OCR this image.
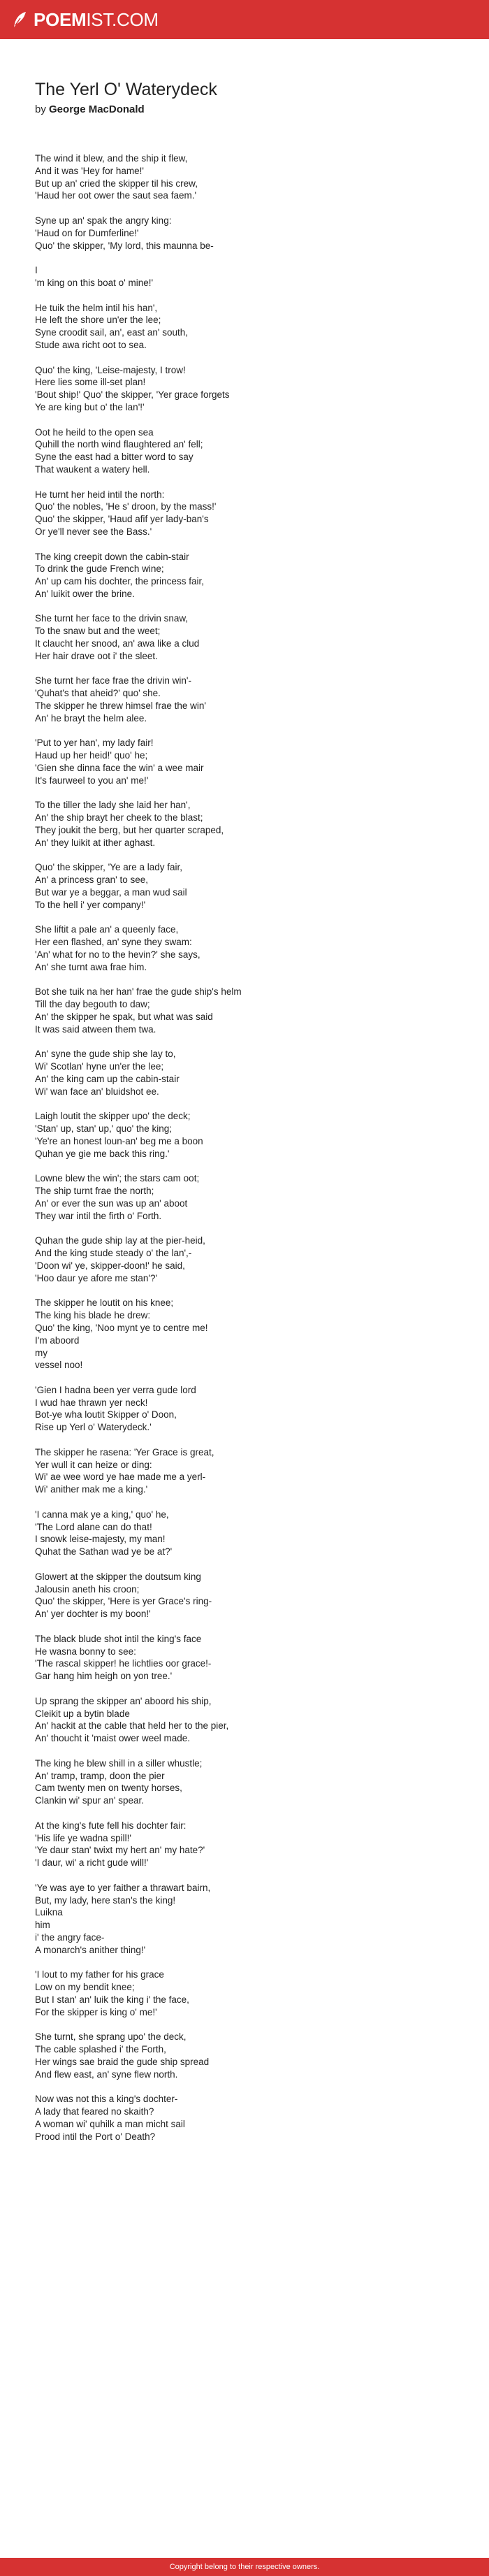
POEMIST.COM
The Yerl O' Waterydeck
by George MacDonald
The wind it blew, and the ship it flew,
And it was 'Hey for hame!'
But up an' cried the skipper til his crew,
'Haud her oot ower the saut sea faem.'
Syne up an' spak the angry king:
'Haud on for Dumferline!'
Quo' the skipper, 'My lord, this maunna be-
I
'm king on this boat o' mine!'
He tuik the helm intil his han',
He left the shore un'er the lee;
Syne croodit sail, an', east an' south,
Stude awa richt oot to sea.
Quo' the king, 'Leise-majesty, I trow!
Here lies some ill-set plan!
'Bout ship!' Quo' the skipper, 'Yer grace forgets
Ye are king but o' the lan'!'
Oot he heild to the open sea
Quhill the north wind flaughtered an' fell;
Syne the east had a bitter word to say
That waukent a watery hell.
He turnt her heid intil the north:
Quo' the nobles, 'He s' droon, by the mass!'
Quo' the skipper, 'Haud afif yer lady-ban's
Or ye'll never see the Bass.'
The king creepit down the cabin-stair
To drink the gude French wine;
An' up cam his dochter, the princess fair,
An' luikit ower the brine.
She turnt her face to the drivin snaw,
To the snaw but and the weet;
It claucht her snood, an' awa like a clud
Her hair drave oot i' the sleet.
She turnt her face frae the drivin win'-
'Quhat's that aheid?' quo' she.
The skipper he threw himsel frae the win'
An' he brayt the helm alee.
'Put to yer han', my lady fair!
Haud up her heid!' quo' he;
'Gien she dinna face the win' a wee mair
It's faurweel to you an' me!'
To the tiller the lady she laid her han',
An' the ship brayt her cheek to the blast;
They joukit the berg, but her quarter scraped,
An' they luikit at ither aghast.
Quo' the skipper, 'Ye are a lady fair,
An' a princess gran' to see,
But war ye a beggar, a man wud sail
To the hell i' yer company!'
She liftit a pale an' a queenly face,
Her een flashed, an' syne they swam:
'An' what for no to the hevin?' she says,
An' she turnt awa frae him.
Bot she tuik na her han' frae the gude ship's helm
Till the day begouth to daw;
An' the skipper he spak, but what was said
It was said atween them twa.
An' syne the gude ship she lay to,
Wi' Scotlan' hyne un'er the lee;
An' the king cam up the cabin-stair
Wi' wan face an' bluidshot ee.
Laigh loutit the skipper upo' the deck;
'Stan' up, stan' up,' quo' the king;
'Ye're an honest loun-an' beg me a boon
Quhan ye gie me back this ring.'
Lowne blew the win'; the stars cam oot;
The ship turnt frae the north;
An' or ever the sun was up an' aboot
They war intil the firth o' Forth.
Quhan the gude ship lay at the pier-heid,
And the king stude steady o' the lan',-
'Doon wi' ye, skipper-doon!' he said,
'Hoo daur ye afore me stan'?'
The skipper he loutit on his knee;
The king his blade he drew:
Quo' the king, 'Noo mynt ye to centre me!
I'm aboord
my
vessel noo!
'Gien I hadna been yer verra gude lord
I wud hae thrawn yer neck!
Bot-ye wha loutit Skipper o' Doon,
Rise up Yerl o' Waterydeck.'
The skipper he rasena: 'Yer Grace is great,
Yer wull it can heize or ding:
Wi' ae wee word ye hae made me a yerl-
Wi' anither mak me a king.'
'I canna mak ye a king,' quo' he,
'The Lord alane can do that!
I snowk leise-majesty, my man!
Quhat the Sathan wad ye be at?'
Glowert at the skipper the doutsum king
Jalousin aneth his croon;
Quo' the skipper, 'Here is yer Grace's ring-
An' yer dochter is my boon!'
The black blude shot intil the king's face
He wasna bonny to see:
'The rascal skipper! he lichtlies oor grace!-
Gar hang him heigh on yon tree.'
Up sprang the skipper an' aboord his ship,
Cleikit up a bytin blade
An' hackit at the cable that held her to the pier,
An' thoucht it 'maist ower weel made.
The king he blew shill in a siller whustle;
An' tramp, tramp, doon the pier
Cam twenty men on twenty horses,
Clankin wi' spur an' spear.
At the king's fute fell his dochter fair:
'His life ye wadna spill!'
'Ye daur stan' twixt my hert an' my hate?'
'I daur, wi' a richt gude will!'
'Ye was aye to yer faither a thrawart bairn,
But, my lady, here stan's the king!
Luikna
him
i' the angry face-
A monarch's anither thing!'
'I lout to my father for his grace
Low on my bendit knee;
But I stan' an' luik the king i' the face,
For the skipper is king o' me!'
She turnt, she sprang upo' the deck,
The cable splashed i' the Forth,
Her wings sae braid the gude ship spread
And flew east, an' syne flew north.
Now was not this a king's dochter-
A lady that feared no skaith?
A woman wi' quhilk a man micht sail
Prood intil the Port o' Death?
Copyright belong to their respective owners.
